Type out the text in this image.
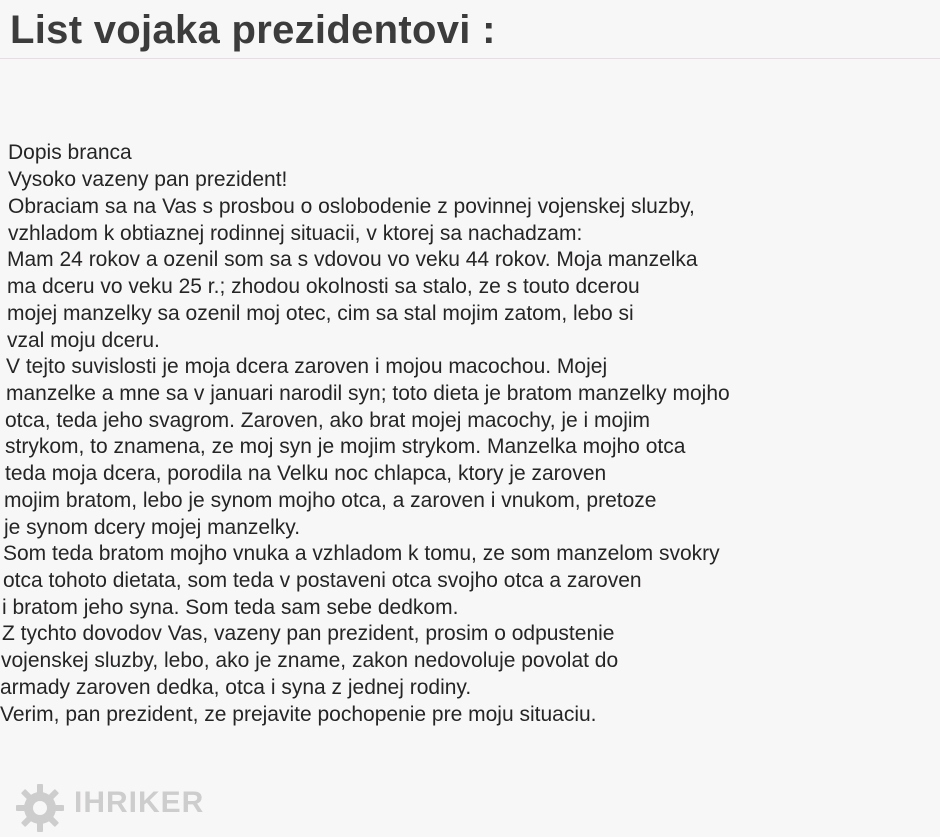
List vojaka prezidentovi :
Dopis branca
Vysoko vazeny pan prezident!
Obraciam sa na Vas s prosbou o oslobodenie z povinnej vojenskej sluzby,
vzhladom k obtiaznej rodinnej situacii, v ktorej sa nachadzam:
Mam 24 rokov a ozenil som sa s vdovou vo veku 44 rokov. Moja manzelka
ma dceru vo veku 25 r.; zhodou okolnosti sa stalo, ze s touto dcerou
mojej manzelky sa ozenil moj otec, cim sa stal mojim zatom, lebo si
vzal moju dceru.
V tejto suvislosti je moja dcera zaroven i mojou macochou. Mojej
manzelke a mne sa v januari narodil syn; toto dieta je bratom manzelky mojho
otca, teda jeho svagrom. Zaroven, ako brat mojej macochy, je i mojim
strykom, to znamena, ze moj syn je mojim strykom. Manzelka mojho otca
teda moja dcera, porodila na Velku noc chlapca, ktory je zaroven
mojim bratom, lebo je synom mojho otca, a zaroven i vnukom, pretoze
je synom dcery mojej manzelky.
Som teda bratom mojho vnuka a vzhladom k tomu, ze som manzelom svokry
otca tohoto dietata, som teda v postaveni otca svojho otca a zaroven
i bratom jeho syna. Som teda sam sebe dedkom.
Z tychto dovodov Vas, vazeny pan prezident, prosim o odpustenie
vojenskej sluzby, lebo, ako je zname, zakon nedovoluje povolat do
armady zaroven dedka, otca i syna z jednej rodiny.
Verim, pan prezident, ze prejavite pochopenie pre moju situaciu.
IHRIKER
